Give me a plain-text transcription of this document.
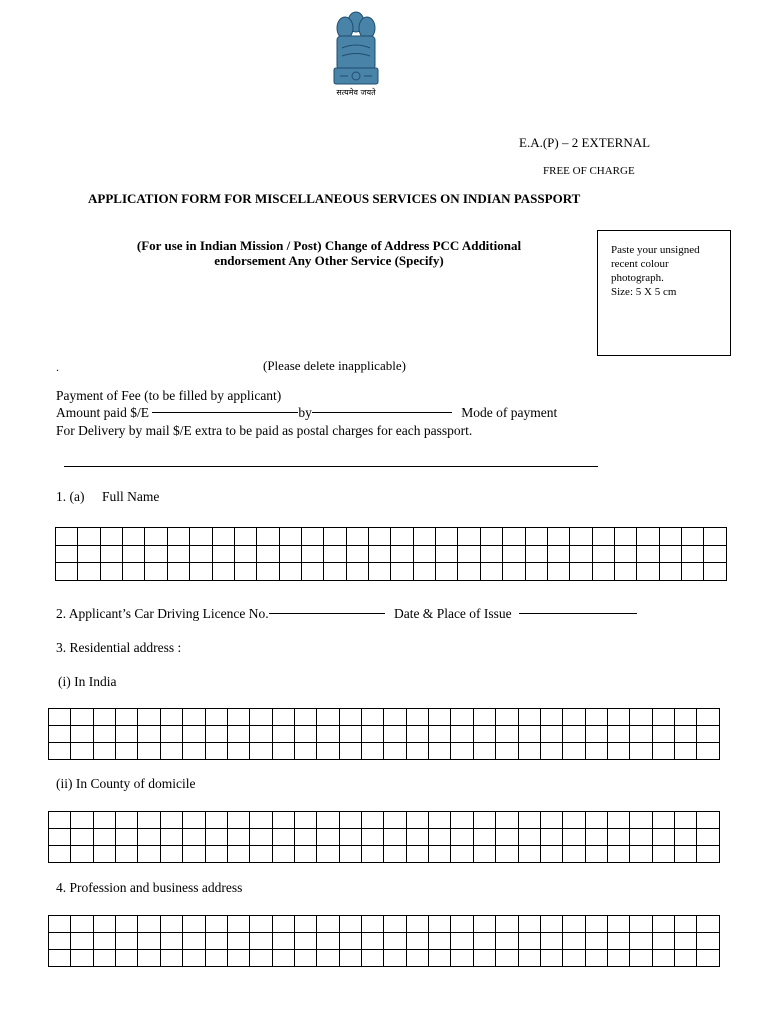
सत्यमेव जयते
E.A.(P) – 2 EXTERNAL
FREE OF CHARGE
APPLICATION FORM FOR MISCELLANEOUS SERVICES ON INDIAN PASSPORT
(For use in Indian Mission / Post) Change of Address PCC Additional
endorsement Any Other Service (Specify)
Paste your unsigned
recent colour
photograph.
Size: 5 X 5 cm
.	(Please delete inapplicable)
Payment of Fee (to be filled by applicant)
Amount paid $/E	by	Mode of payment
For Delivery by mail $/E extra to be paid as postal charges for each passport.
1. (a) Full Name

2. Applicant’s Car Driving Licence No.	Date & Place of Issue
3. Residential address :
(i) In India

(ii) In County of domicile

4. Profession and business address
